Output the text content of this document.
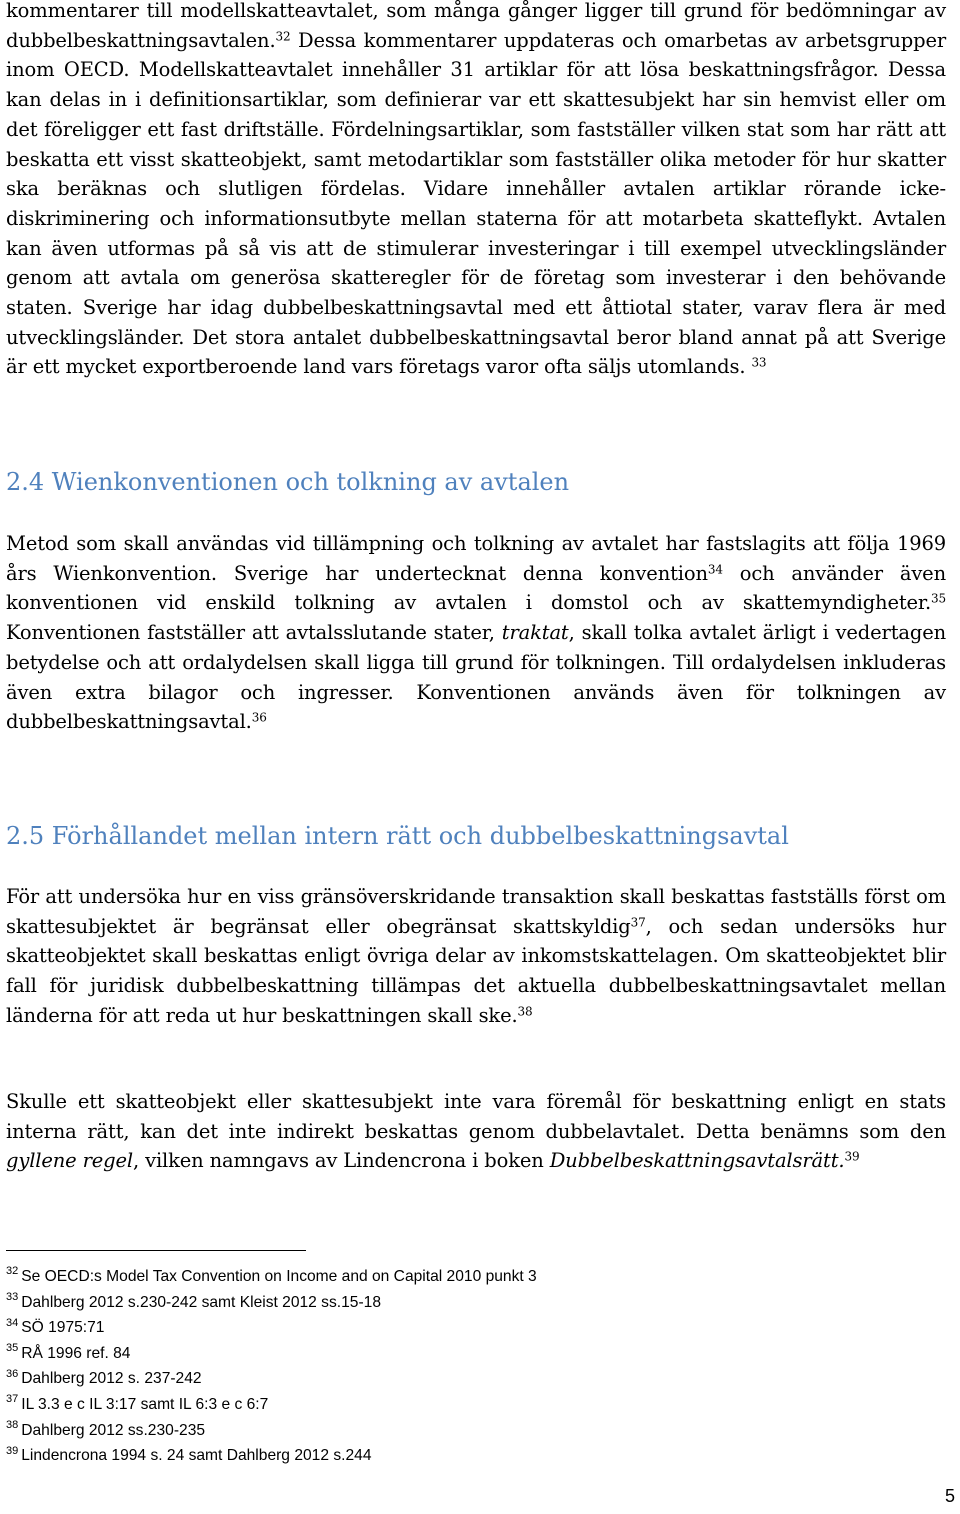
kommentarer till modellskatteavtalet, som många gånger ligger till grund för bedömningar av dubbelbeskattningsavtalen.$^{32}$ Dessa kommentarer uppdateras och omarbetas av arbetsgrupper inom OECD. Modellskatteavtalet innehåller 31 artiklar för att lösa beskattningsfrågor. Dessa kan delas in i definitionsartiklar, som definierar var ett skattesubjekt har sin hemvist eller om det föreligger ett fast driftställe. Fördelningsartiklar, som fastställer vilken stat som har rätt att beskatta ett visst skatteobjekt, samt metodartiklar som fastställer olika metoder för hur skatter ska beräknas och slutligen fördelas. Vidare innehåller avtalen artiklar rörande icke-diskriminering och informationsutbyte mellan staterna för att motarbeta skatteflykt. Avtalen kan även utformas på så vis att de stimulerar investeringar i till exempel utvecklingsländer genom att avtala om generösa skatteregler för de företag som investerar i den behövande staten. Sverige har idag dubbelbeskattningsavtal med ett åttiotal stater, varav flera är med utvecklingsländer. Det stora antalet dubbelbeskattningsavtal beror bland annat på att Sverige är ett mycket exportberoende land vars företags varor ofta säljs utomlands. $^{33}$

2.4 Wienkonventionen och tolkning av avtalen

Metod som skall användas vid tillämpning och tolkning av avtalet har fastslagits att följa 1969 års Wienkonvention. Sverige har undertecknat denna konvention$^{34}$ och använder även konventionen vid enskild tolkning av avtalen i domstol och av skattemyndigheter.$^{35}$ Konventionen fastställer att avtalsslutande stater, traktat, skall tolka avtalet ärligt i vedertagen betydelse och att ordalydelsen skall ligga till grund för tolkningen. Till ordalydelsen inkluderas även extra bilagor och ingresser. Konventionen används även för tolkningen av dubbelbeskattningsavtal.$^{36}$

2.5 Förhållandet mellan intern rätt och dubbelbeskattningsavtal

För att undersöka hur en viss gränsöverskridande transaktion skall beskattas fastställs först om skattesubjektet är begränsat eller obegränsat skattskyldig$^{37}$, och sedan undersöks hur skatteobjektet skall beskattas enligt övriga delar av inkomstskattelagen. Om skatteobjektet blir fall för juridisk dubbelbeskattning tillämpas det aktuella dubbelbeskattningsavtalet mellan länderna för att reda ut hur beskattningen skall ske.$^{38}$

Skulle ett skatteobjekt eller skattesubjekt inte vara föremål för beskattning enligt en stats interna rätt, kan det inte indirekt beskattas genom dubbelavtalet. Detta benämns som den gyllene regel, vilken namngavs av Lindencrona i boken Dubbelbeskattningsavtalsrätt.$^{39}$

$^{32}$ Se OECD:s Model Tax Convention on Income and on Capital 2010 punkt 3
$^{33}$ Dahlberg 2012 s.230-242 samt Kleist 2012 ss.15-18
$^{34}$ SÖ 1975:71
$^{35}$ RÅ 1996 ref. 84
$^{36}$ Dahlberg 2012 s. 237-242
$^{37}$ IL 3.3 e c IL 3:17 samt IL 6:3 e c 6:7
$^{38}$ Dahlberg 2012 ss.230-235
$^{39}$ Lindencrona 1994 s. 24 samt Dahlberg 2012 s.244
5
